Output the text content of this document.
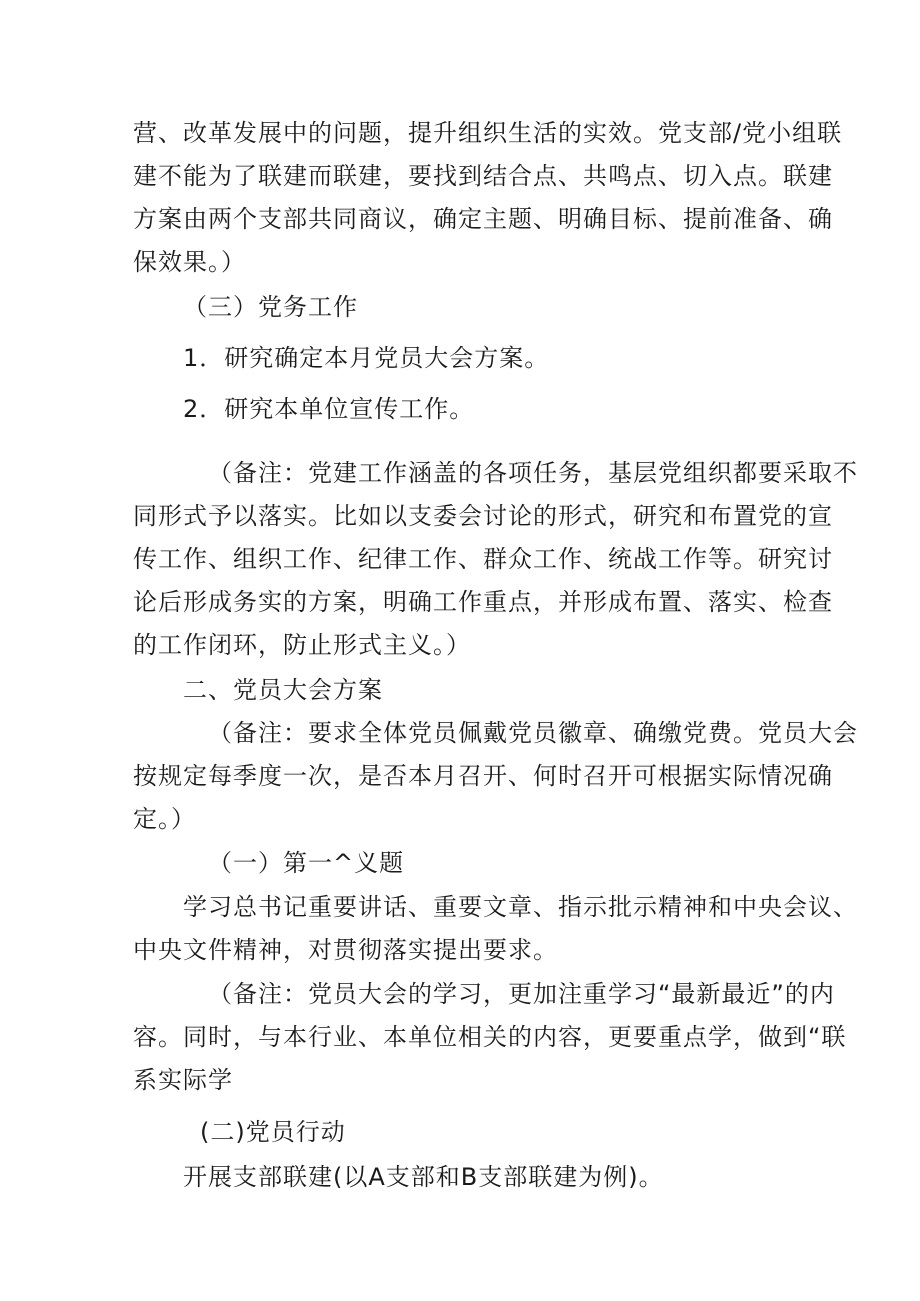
营、改革发展中的问题，提升组织生活的实效。党支部/党小组联
建不能为了联建而联建，要找到结合点、共鸣点、切入点。联建
方案由两个支部共同商议，确定主题、明确目标、提前准备、确
保效果。）
（三）党务工作
1．研究确定本月党员大会方案。
2．研究本单位宣传工作。
（备注：党建工作涵盖的各项任务，基层党组织都要采取不
同形式予以落实。比如以支委会讨论的形式，研究和布置党的宣
传工作、组织工作、纪律工作、群众工作、统战工作等。研究讨
论后形成务实的方案，明确工作重点，并形成布置、落实、检查
的工作闭环，防止形式主义。）
二、党员大会方案
（备注：要求全体党员佩戴党员徽章、确缴党费。党员大会
按规定每季度一次，是否本月召开、何时召开可根据实际情况确
定。）
（一）第一^义题
学习总书记重要讲话、重要文章、指示批示精神和中央会议、
中央文件精神，对贯彻落实提出要求。
（备注：党员大会的学习，更加注重学习“最新最近”的内
容。同时，与本行业、本单位相关的内容，更要重点学，做到“联
系实际学
(二)党员行动
开展支部联建(以A支部和B支部联建为例)。
